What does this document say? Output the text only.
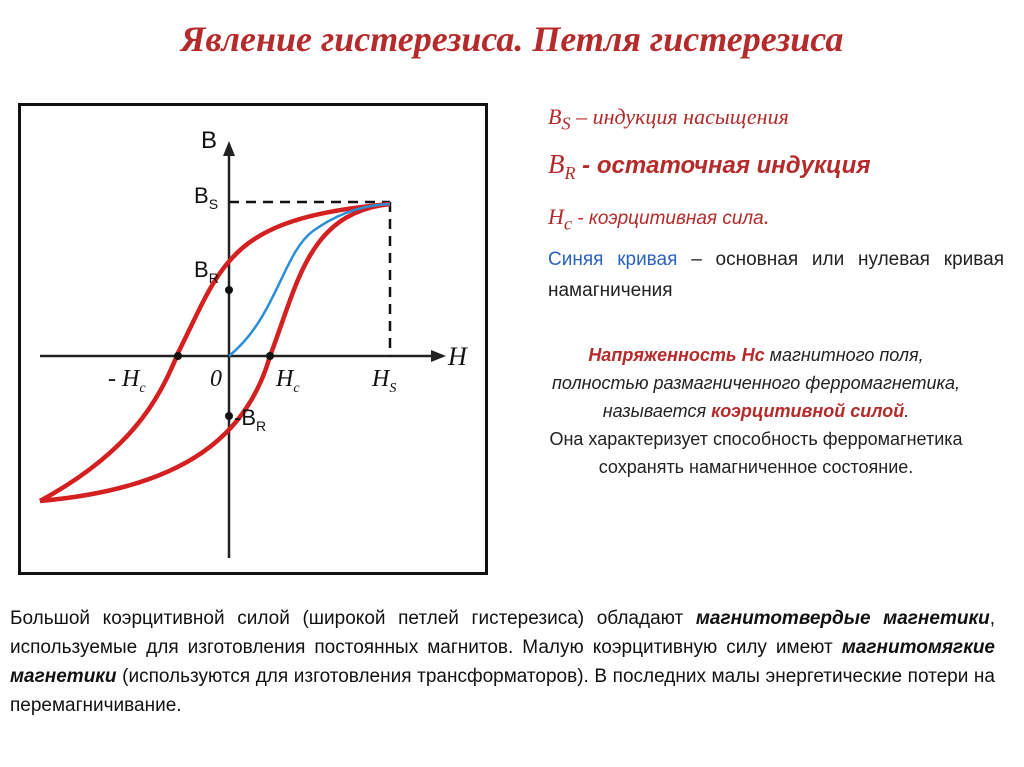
Явление гистерезиса. Петля гистерезиса
B
H
$B_S$
$B_R$
$-B_R$
- $H_c$	0 $H_c$	$H_S$
$B_S$ – индукция насыщения
$B_R$ - остаточная индукция
$H_c$ - коэрцитивная сила.
Синяя кривая – основная или нулевая кривая намагничения
Напряженность Hc магнитного поля, полностью размагниченного ферромагнетика, называется коэрцитивной силой.
Она характеризует способность ферромагнетика сохранять намагниченное состояние.
Большой коэрцитивной силой (широкой петлей гистерезиса) обладают магнитотвердые магнетики, используемые для изготовления постоянных магнитов. Малую коэрцитивную силу имеют магнитомягкие магнетики (используются для изготовления трансформаторов). В последних малы энергетические потери на перемагничивание.
